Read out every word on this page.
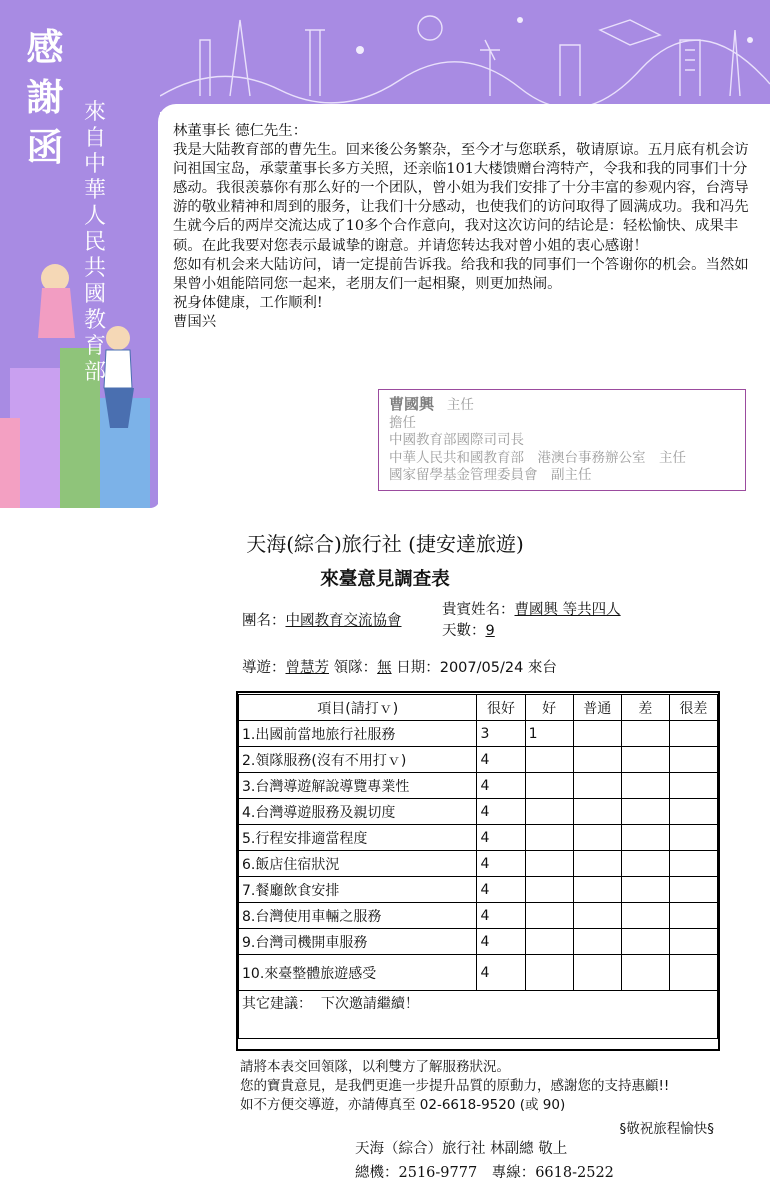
感謝函
來自中華人民共國教育部

林董事长 德仁先生：

我是大陆教育部的曹先生。回来後公务繁杂，至今才与您联系，敬请原谅。五月底有机会访问祖国宝岛，承蒙董事长多方关照，还亲临101大楼馈赠台湾特产，令我和我的同事们十分感动。我很羡慕你有那么好的一个团队，曾小姐为我们安排了十分丰富的参观内容，台湾导游的敬业精神和周到的服务，让我们十分感动，也使我们的访问取得了圆满成功。我和冯先生就今后的两岸交流达成了10多个合作意向，我对这次访问的结论是：轻松愉快、成果丰硕。在此我要对您表示最诚挚的谢意。并请您转达我对曾小姐的衷心感谢！

您如有机会来大陆访问，请一定提前告诉我。给我和我的同事们一个答谢你的机会。当然如果曾小姐能陪同您一起来，老朋友们一起相聚，则更加热闹。

祝身体健康，工作顺利!

曹国兴

曹國興 主任
擔任
中國教育部國際司司長
中華人民共和國教育部　港澳台事務辦公室　主任
國家留學基金管理委員會　副主任
天海(綜合)旅行社 (捷安達旅遊)
來臺意見調查表
團名：中國教育交流協會
貴賓姓名：曹國興 等共四人
天數：9
導遊：曾慧芳 領隊：無 日期：2007/05/24 來台
項目(請打ｖ)	很好	好	普通	差	很差
1.出國前當地旅行社服務	3	1			
2.領隊服務(沒有不用打ｖ)	4				
3.台灣導遊解說導覽專業性	4				
4.台灣導遊服務及親切度	4				
5.行程安排適當程度	4				
6.飯店住宿狀況	4				
7.餐廳飲食安排	4				
8.台灣使用車輛之服務	4				
9.台灣司機開車服務	4				
10.來臺整體旅遊感受	4				
其它建議： 下次邀請繼續！					
請將本表交回領隊，以利雙方了解服務狀況。
您的寶貴意見，是我們更進一步提升品質的原動力，感謝您的支持惠顧!!
如不方便交導遊，亦請傳真至 02-6618-9520 (或 90)
§敬祝旅程愉快§
天海（綜合）旅行社 林副總 敬上
總機：2516-9777　專線：6618-2522
